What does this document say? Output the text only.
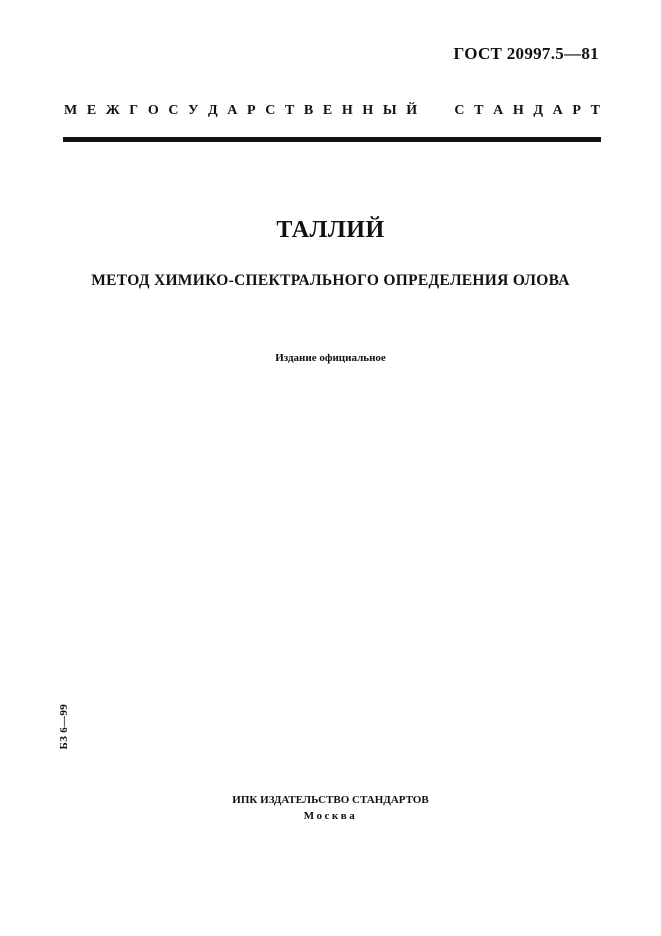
ГОСТ 20997.5—81
М Е Ж Г О С У Д А Р С Т В Е Н Н Ы Й	С Т А Н Д А Р Т
ТАЛЛИЙ
МЕТОД ХИМИКО-СПЕКТРАЛЬНОГО ОПРЕДЕЛЕНИЯ ОЛОВА
Издание официальное
БЗ 6—99
ИПК ИЗДАТЕЛЬСТВО СТАНДАРТОВ
Москва
